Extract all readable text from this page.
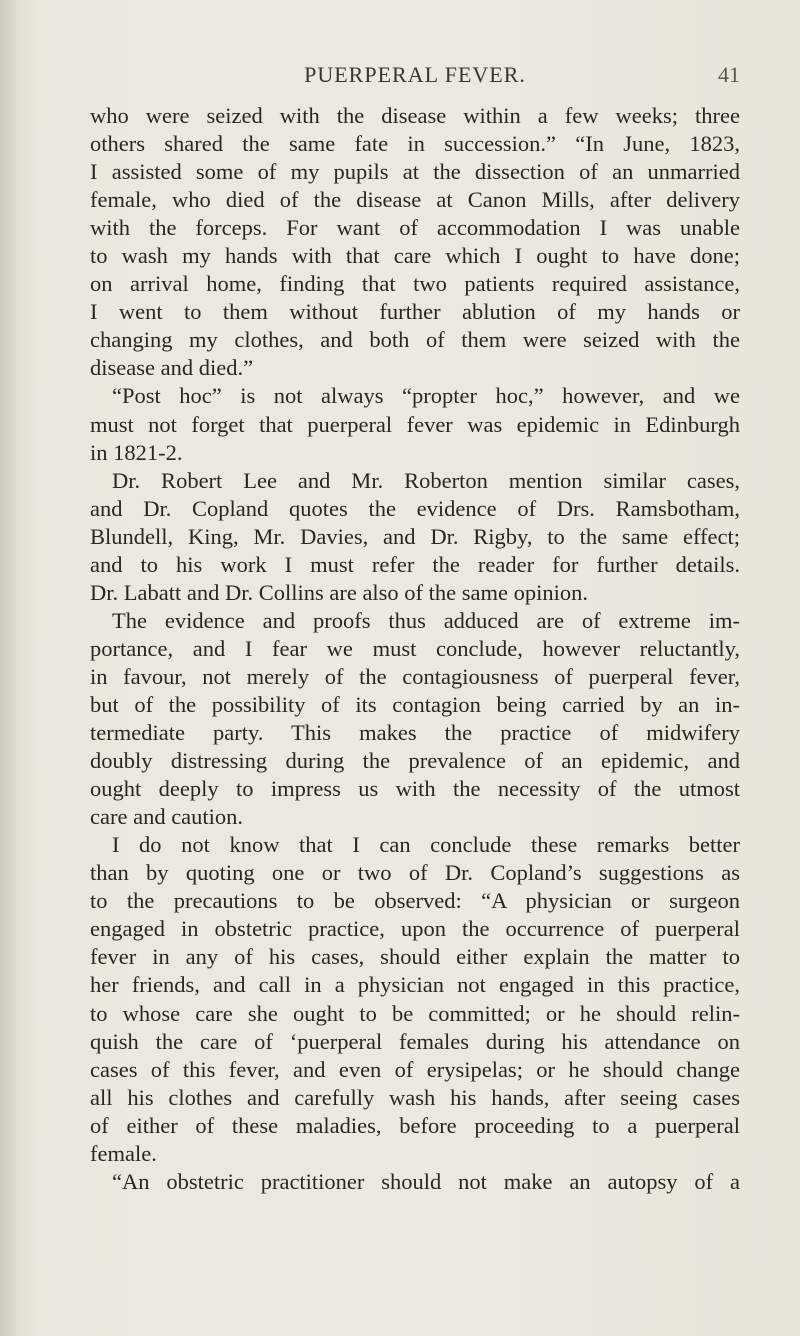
PUERPERAL FEVER.	41
who were seized with the disease within a few weeks; three
others shared the same fate in succession.” “In June, 1823,
I assisted some of my pupils at the dissection of an unmarried
female, who died of the disease at Canon Mills, after delivery
with the forceps. For want of accommodation I was unable
to wash my hands with that care which I ought to have done;
on arrival home, finding that two patients required assistance,
I went to them without further ablution of my hands or
changing my clothes, and both of them were seized with the
disease and died.”
“Post hoc” is not always “propter hoc,” however, and we
must not forget that puerperal fever was epidemic in Edinburgh
in 1821-2.
Dr. Robert Lee and Mr. Roberton mention similar cases,
and Dr. Copland quotes the evidence of Drs. Ramsbotham,
Blundell, King, Mr. Davies, and Dr. Rigby, to the same effect;
and to his work I must refer the reader for further details.
Dr. Labatt and Dr. Collins are also of the same opinion.
The evidence and proofs thus adduced are of extreme im-
portance, and I fear we must conclude, however reluctantly,
in favour, not merely of the contagiousness of puerperal fever,
but of the possibility of its contagion being carried by an in-
termediate party. This makes the practice of midwifery
doubly distressing during the prevalence of an epidemic, and
ought deeply to impress us with the necessity of the utmost
care and caution.
I do not know that I can conclude these remarks better
than by quoting one or two of Dr. Copland’s suggestions as
to the precautions to be observed: “A physician or surgeon
engaged in obstetric practice, upon the occurrence of puerperal
fever in any of his cases, should either explain the matter to
her friends, and call in a physician not engaged in this practice,
to whose care she ought to be committed; or he should relin-
quish the care of ‘puerperal females during his attendance on
cases of this fever, and even of erysipelas; or he should change
all his clothes and carefully wash his hands, after seeing cases
of either of these maladies, before proceeding to a puerperal
female.
“An obstetric practitioner should not make an autopsy of a
